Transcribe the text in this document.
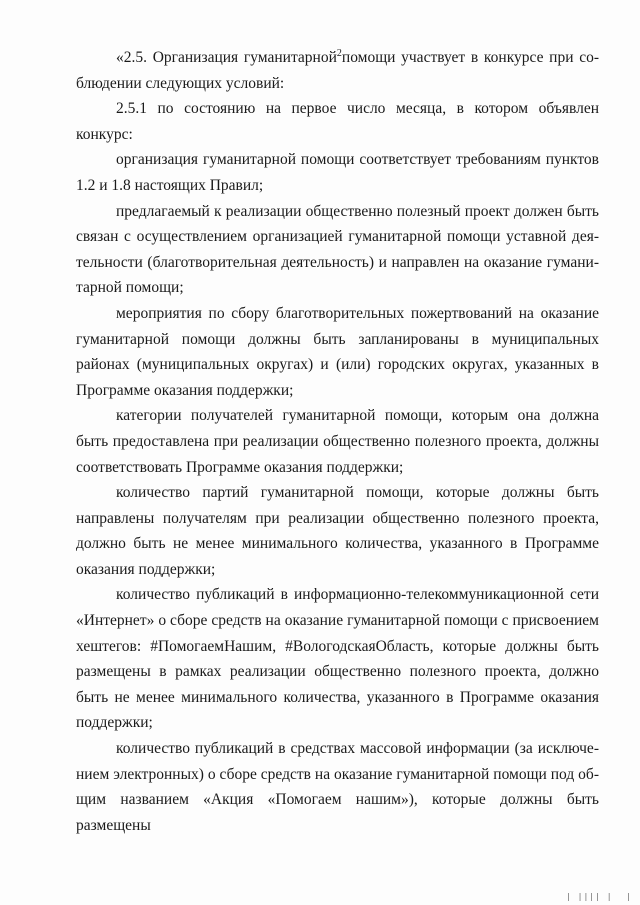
«2.5. Организация гуманитарной$^2$помощи участвует в конкурсе при соблюдении следующих условий:

2.5.1 по состоянию на первое число месяца, в котором объявлен конкурс:

организация гуманитарной помощи соответствует требованиям пунктов 1.2 и 1.8 настоящих Правил;

предлагаемый к реализации общественно полезный проект должен быть связан с осуществлением организацией гуманитарной помощи уставной деятельности (благотворительная деятельность) и направлен на оказание гуманитарной помощи;

мероприятия по сбору благотворительных пожертвований на оказание гуманитарной помощи должны быть запланированы в муниципальных районах (муниципальных округах) и (или) городских округах, указанных в Программе оказания поддержки;

категории получателей гуманитарной помощи, которым она должна быть предоставлена при реализации общественно полезного проекта, должны соответствовать Программе оказания поддержки;

количество партий гуманитарной помощи, которые должны быть направлены получателям при реализации общественно полезного проекта, должно быть не менее минимального количества, указанного в Программе оказания поддержки;

количество публикаций в информационно-телекоммуникационной сети «Интернет» о сборе средств на оказание гуманитарной помощи с присвоением хештегов: #ПомогаемНашим, #ВологодскаяОбласть, которые должны быть размещены в рамках реализации общественно полезного проекта, должно быть не менее минимального количества, указанного в Программе оказания поддержки;

количество публикаций в средствах массовой информации (за исключением электронных) о сборе средств на оказание гуманитарной помощи под общим названием «Акция «Помогаем нашим»), которые должны быть размещены

| |||| | |
